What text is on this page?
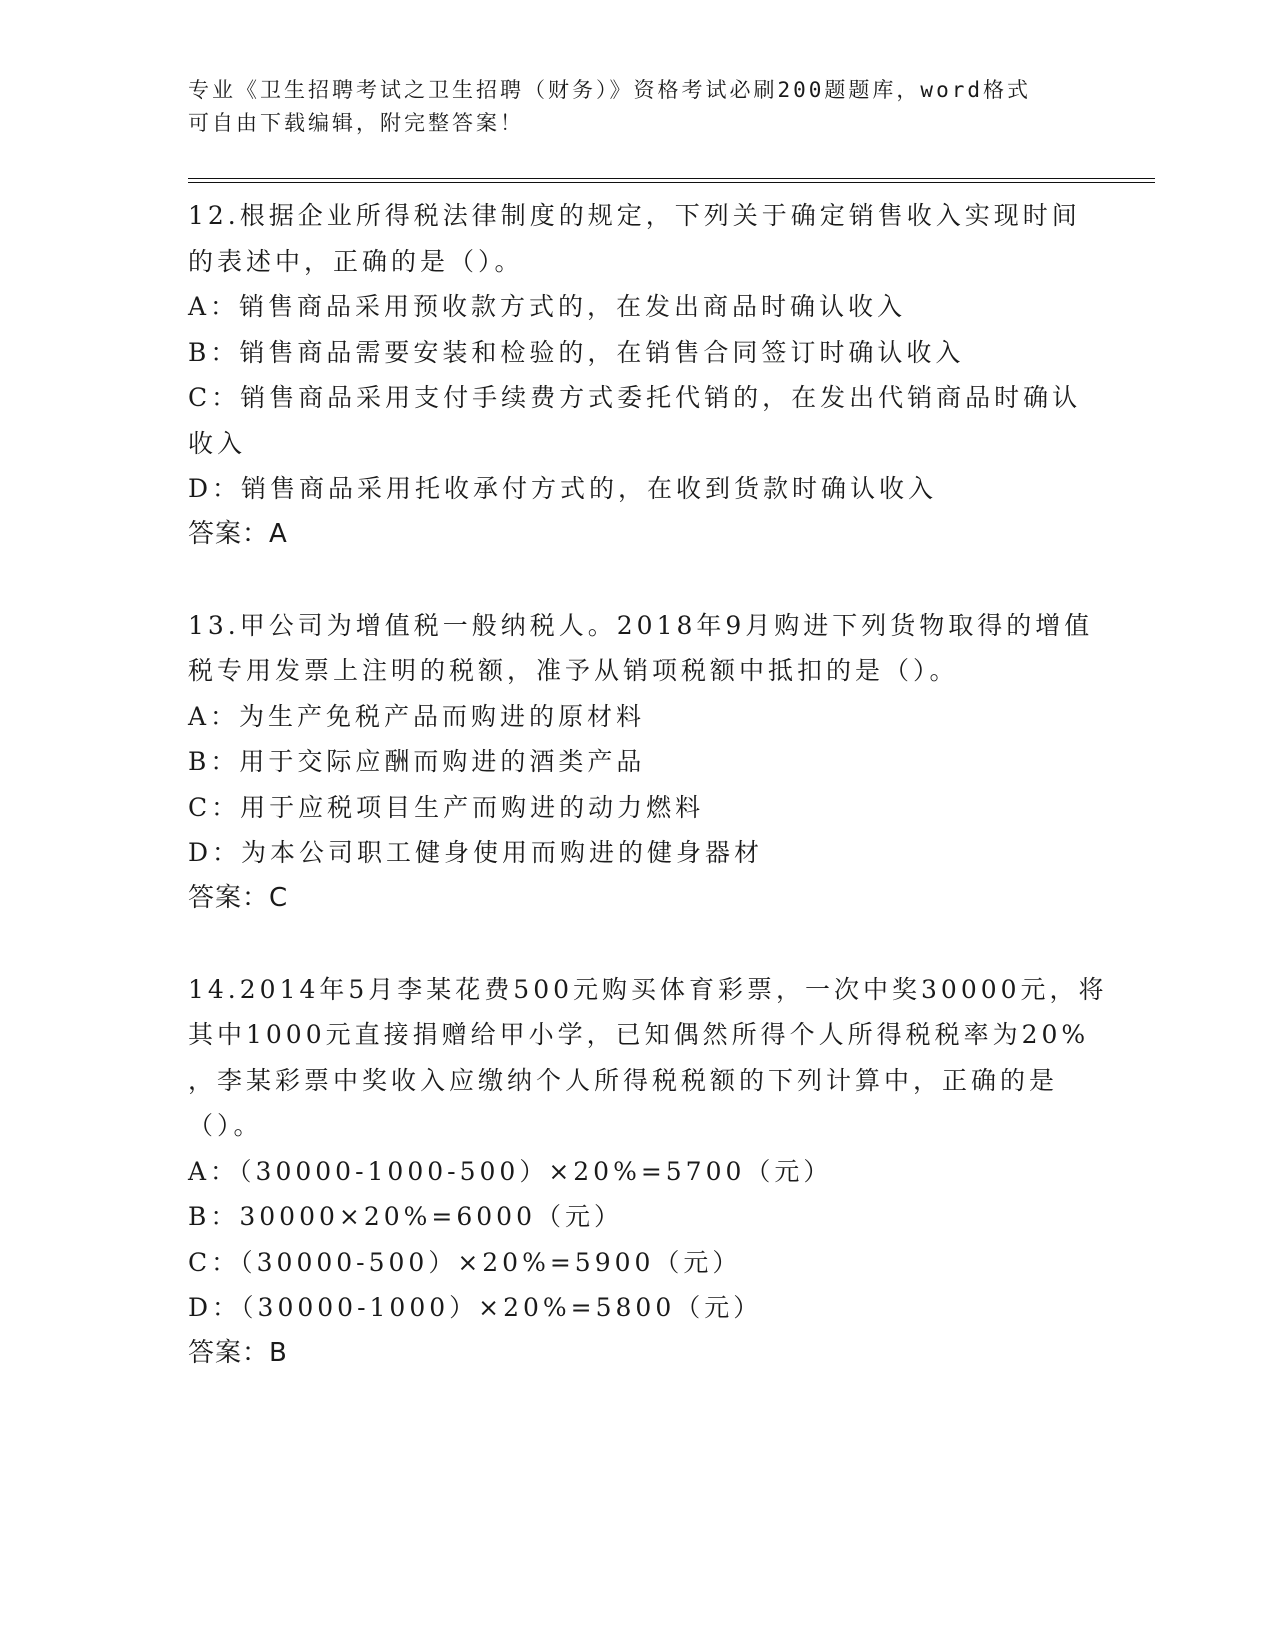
专业《卫生招聘考试之卫生招聘（财务）》资格考试必刷200题题库，word格式
可自由下载编辑，附完整答案！
12.根据企业所得税法律制度的规定，下列关于确定销售收入实现时间
的表述中，正确的是（）。
A：销售商品采用预收款方式的，在发出商品时确认收入
B：销售商品需要安装和检验的，在销售合同签订时确认收入
C：销售商品采用支付手续费方式委托代销的，在发出代销商品时确认
收入
D：销售商品采用托收承付方式的，在收到货款时确认收入
答案：A
13.甲公司为增值税一般纳税人。2018年9月购进下列货物取得的增值
税专用发票上注明的税额，准予从销项税额中抵扣的是（）。
A：为生产免税产品而购进的原材料
B：用于交际应酬而购进的酒类产品
C：用于应税项目生产而购进的动力燃料
D：为本公司职工健身使用而购进的健身器材
答案：C
14.2014年5月李某花费500元购买体育彩票，一次中奖30000元，将
其中1000元直接捐赠给甲小学，已知偶然所得个人所得税税率为20%
，李某彩票中奖收入应缴纳个人所得税税额的下列计算中，正确的是
（）。
A：（30000-1000-500）×20%=5700（元）
B：30000×20%=6000（元）
C：（30000-500）×20%=5900（元）
D：（30000-1000）×20%=5800（元）
答案：B
